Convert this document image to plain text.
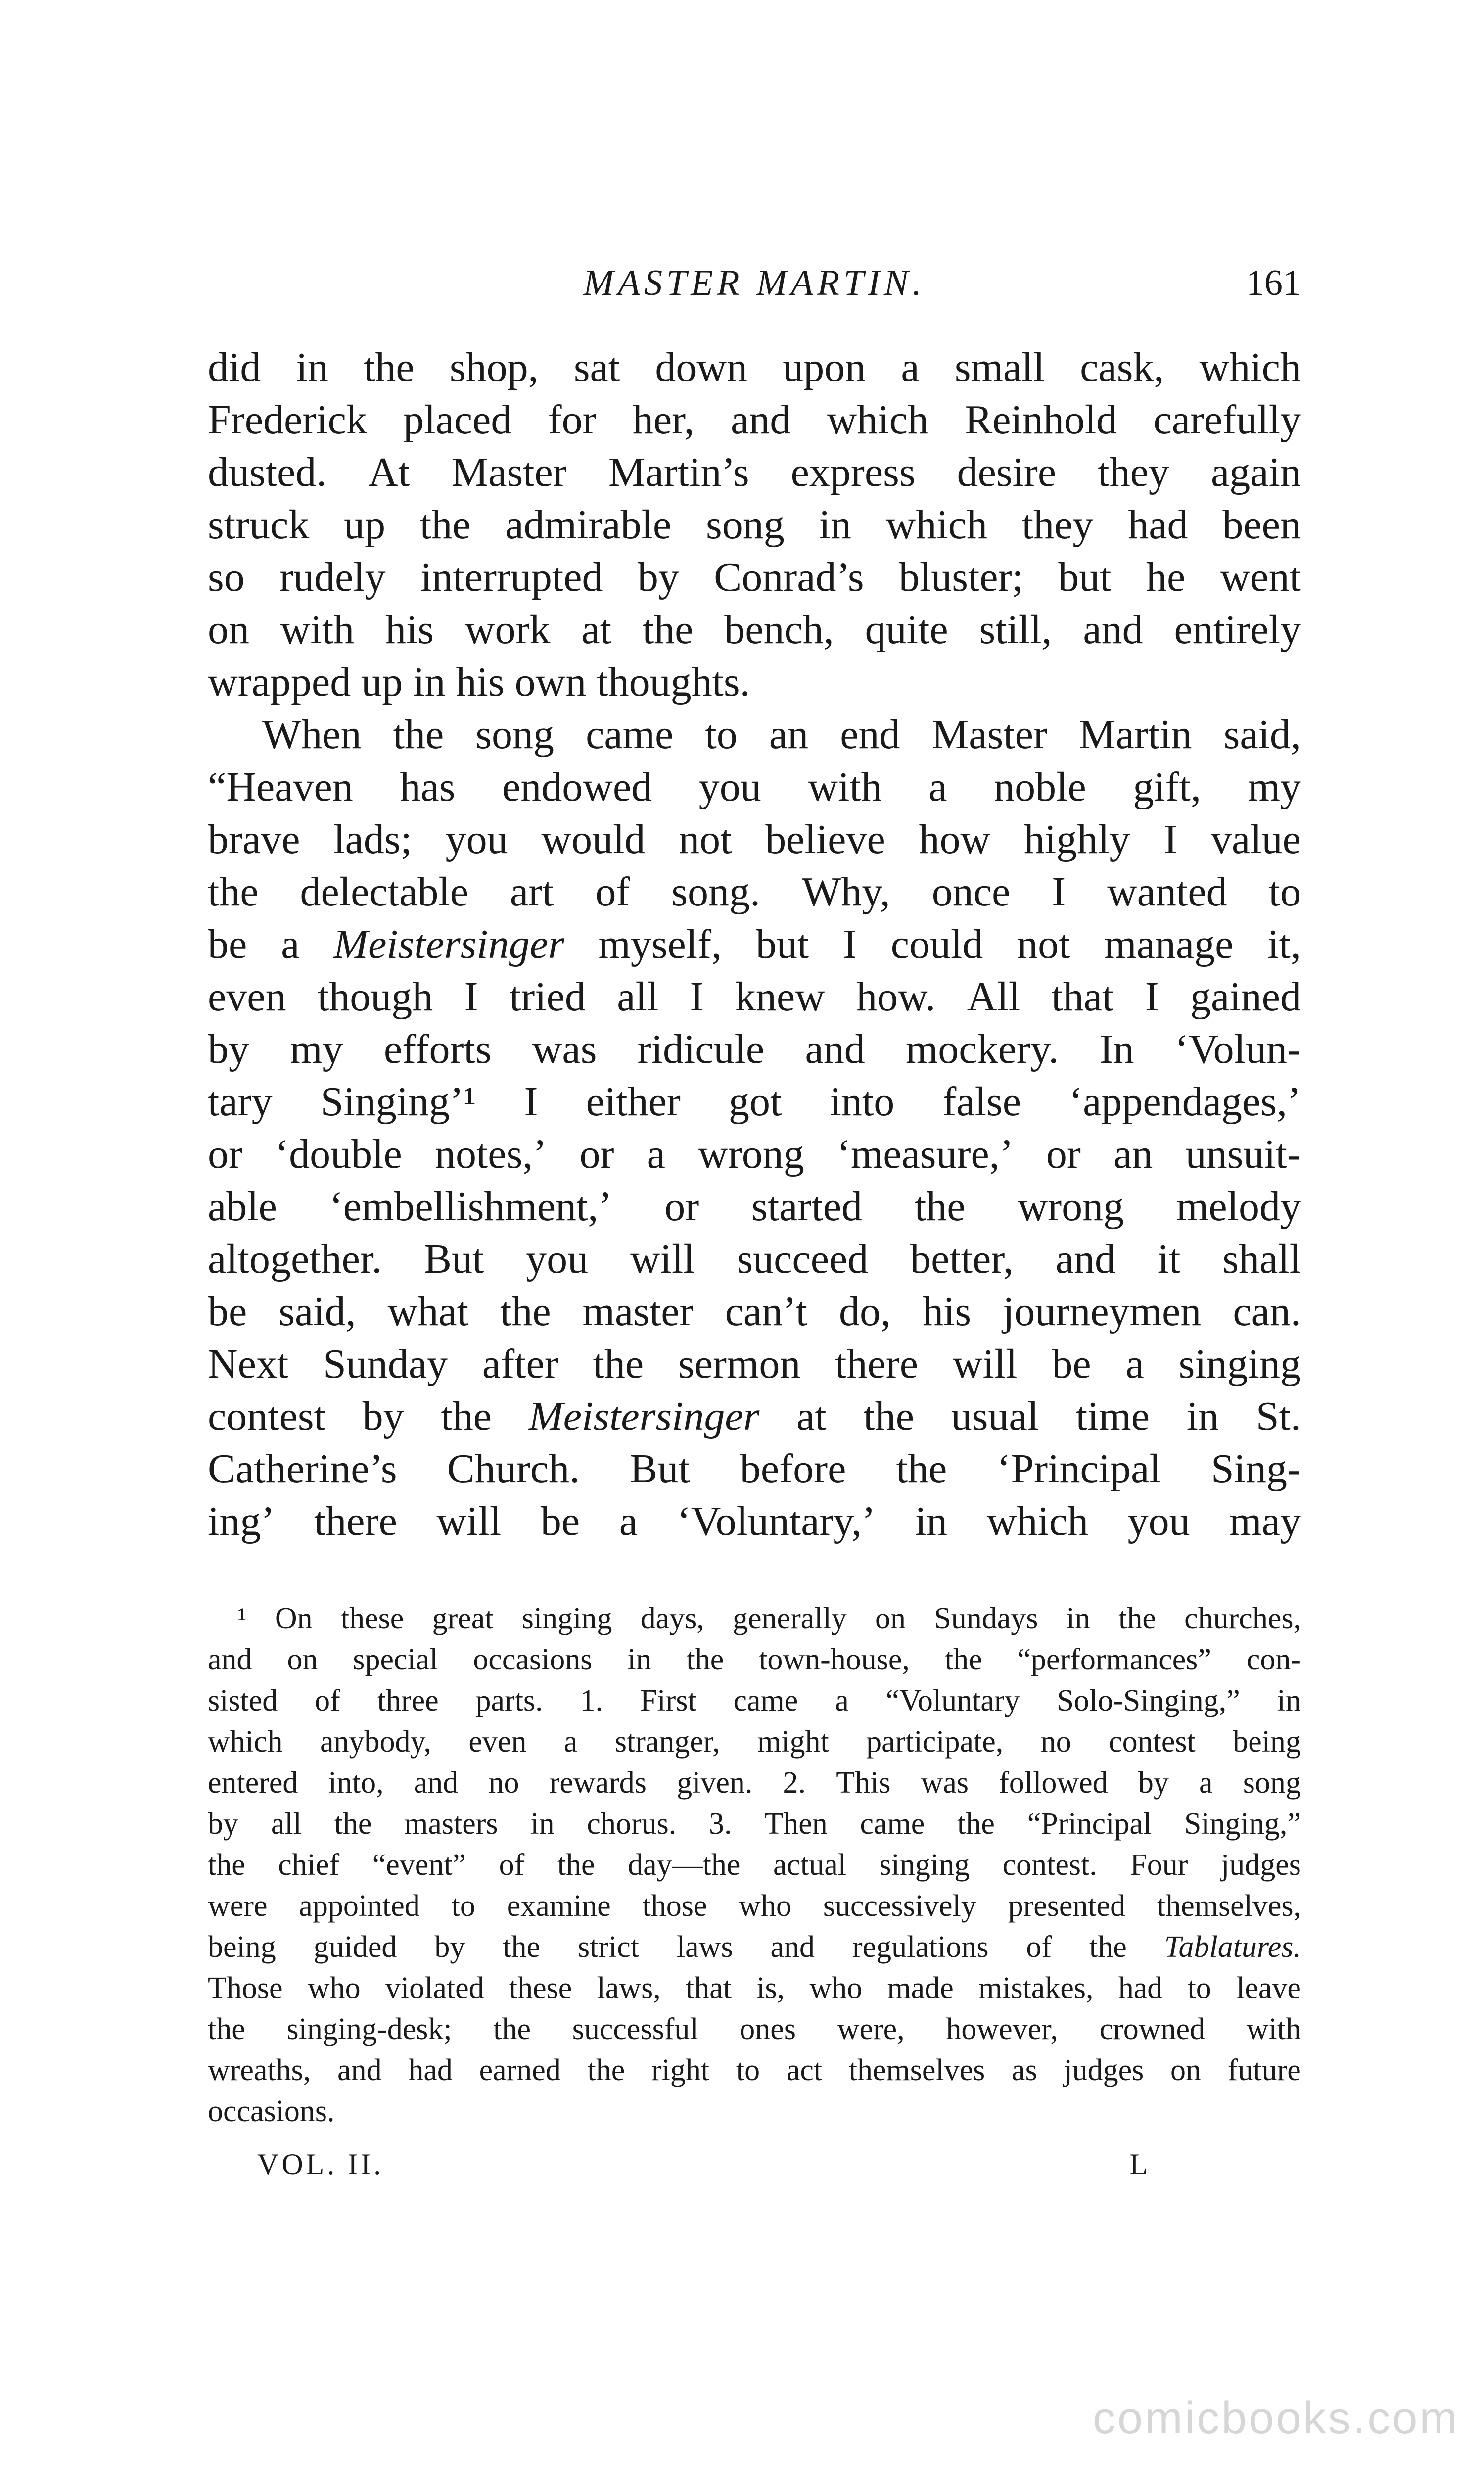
MASTER MARTIN.	161
did in the shop, sat down upon a small cask, which
Frederick placed for her, and which Reinhold carefully
dusted. At Master Martin’s express desire they again
struck up the admirable song in which they had been
so rudely interrupted by Conrad’s bluster; but he went
on with his work at the bench, quite still, and entirely
wrapped up in his own thoughts.
When the song came to an end Master Martin said,
“Heaven has endowed you with a noble gift, my
brave lads; you would not believe how highly I value
the delectable art of song. Why, once I wanted to
be a Meistersinger myself, but I could not manage it,
even though I tried all I knew how. All that I gained
by my efforts was ridicule and mockery. In ‘Volun-
tary Singing’¹ I either got into false ‘appendages,’
or ‘double notes,’ or a wrong ‘measure,’ or an unsuit-
able ‘embellishment,’ or started the wrong melody
altogether. But you will succeed better, and it shall
be said, what the master can’t do, his journeymen can.
Next Sunday after the sermon there will be a singing
contest by the Meistersinger at the usual time in St.
Catherine’s Church. But before the ‘Principal Sing-
ing’ there will be a ‘Voluntary,’ in which you may
¹ On these great singing days, generally on Sundays in the churches,
and on special occasions in the town-house, the “performances” con-
sisted of three parts. 1. First came a “Voluntary Solo-Singing,” in
which anybody, even a stranger, might participate, no contest being
entered into, and no rewards given. 2. This was followed by a song
by all the masters in chorus. 3. Then came the “Principal Singing,”
the chief “event” of the day—the actual singing contest. Four judges
were appointed to examine those who successively presented themselves,
being guided by the strict laws and regulations of the Tablatures.
Those who violated these laws, that is, who made mistakes, had to leave
the singing-desk; the successful ones were, however, crowned with
wreaths, and had earned the right to act themselves as judges on future
occasions.
VOL. II.	L
comicbooks.com
